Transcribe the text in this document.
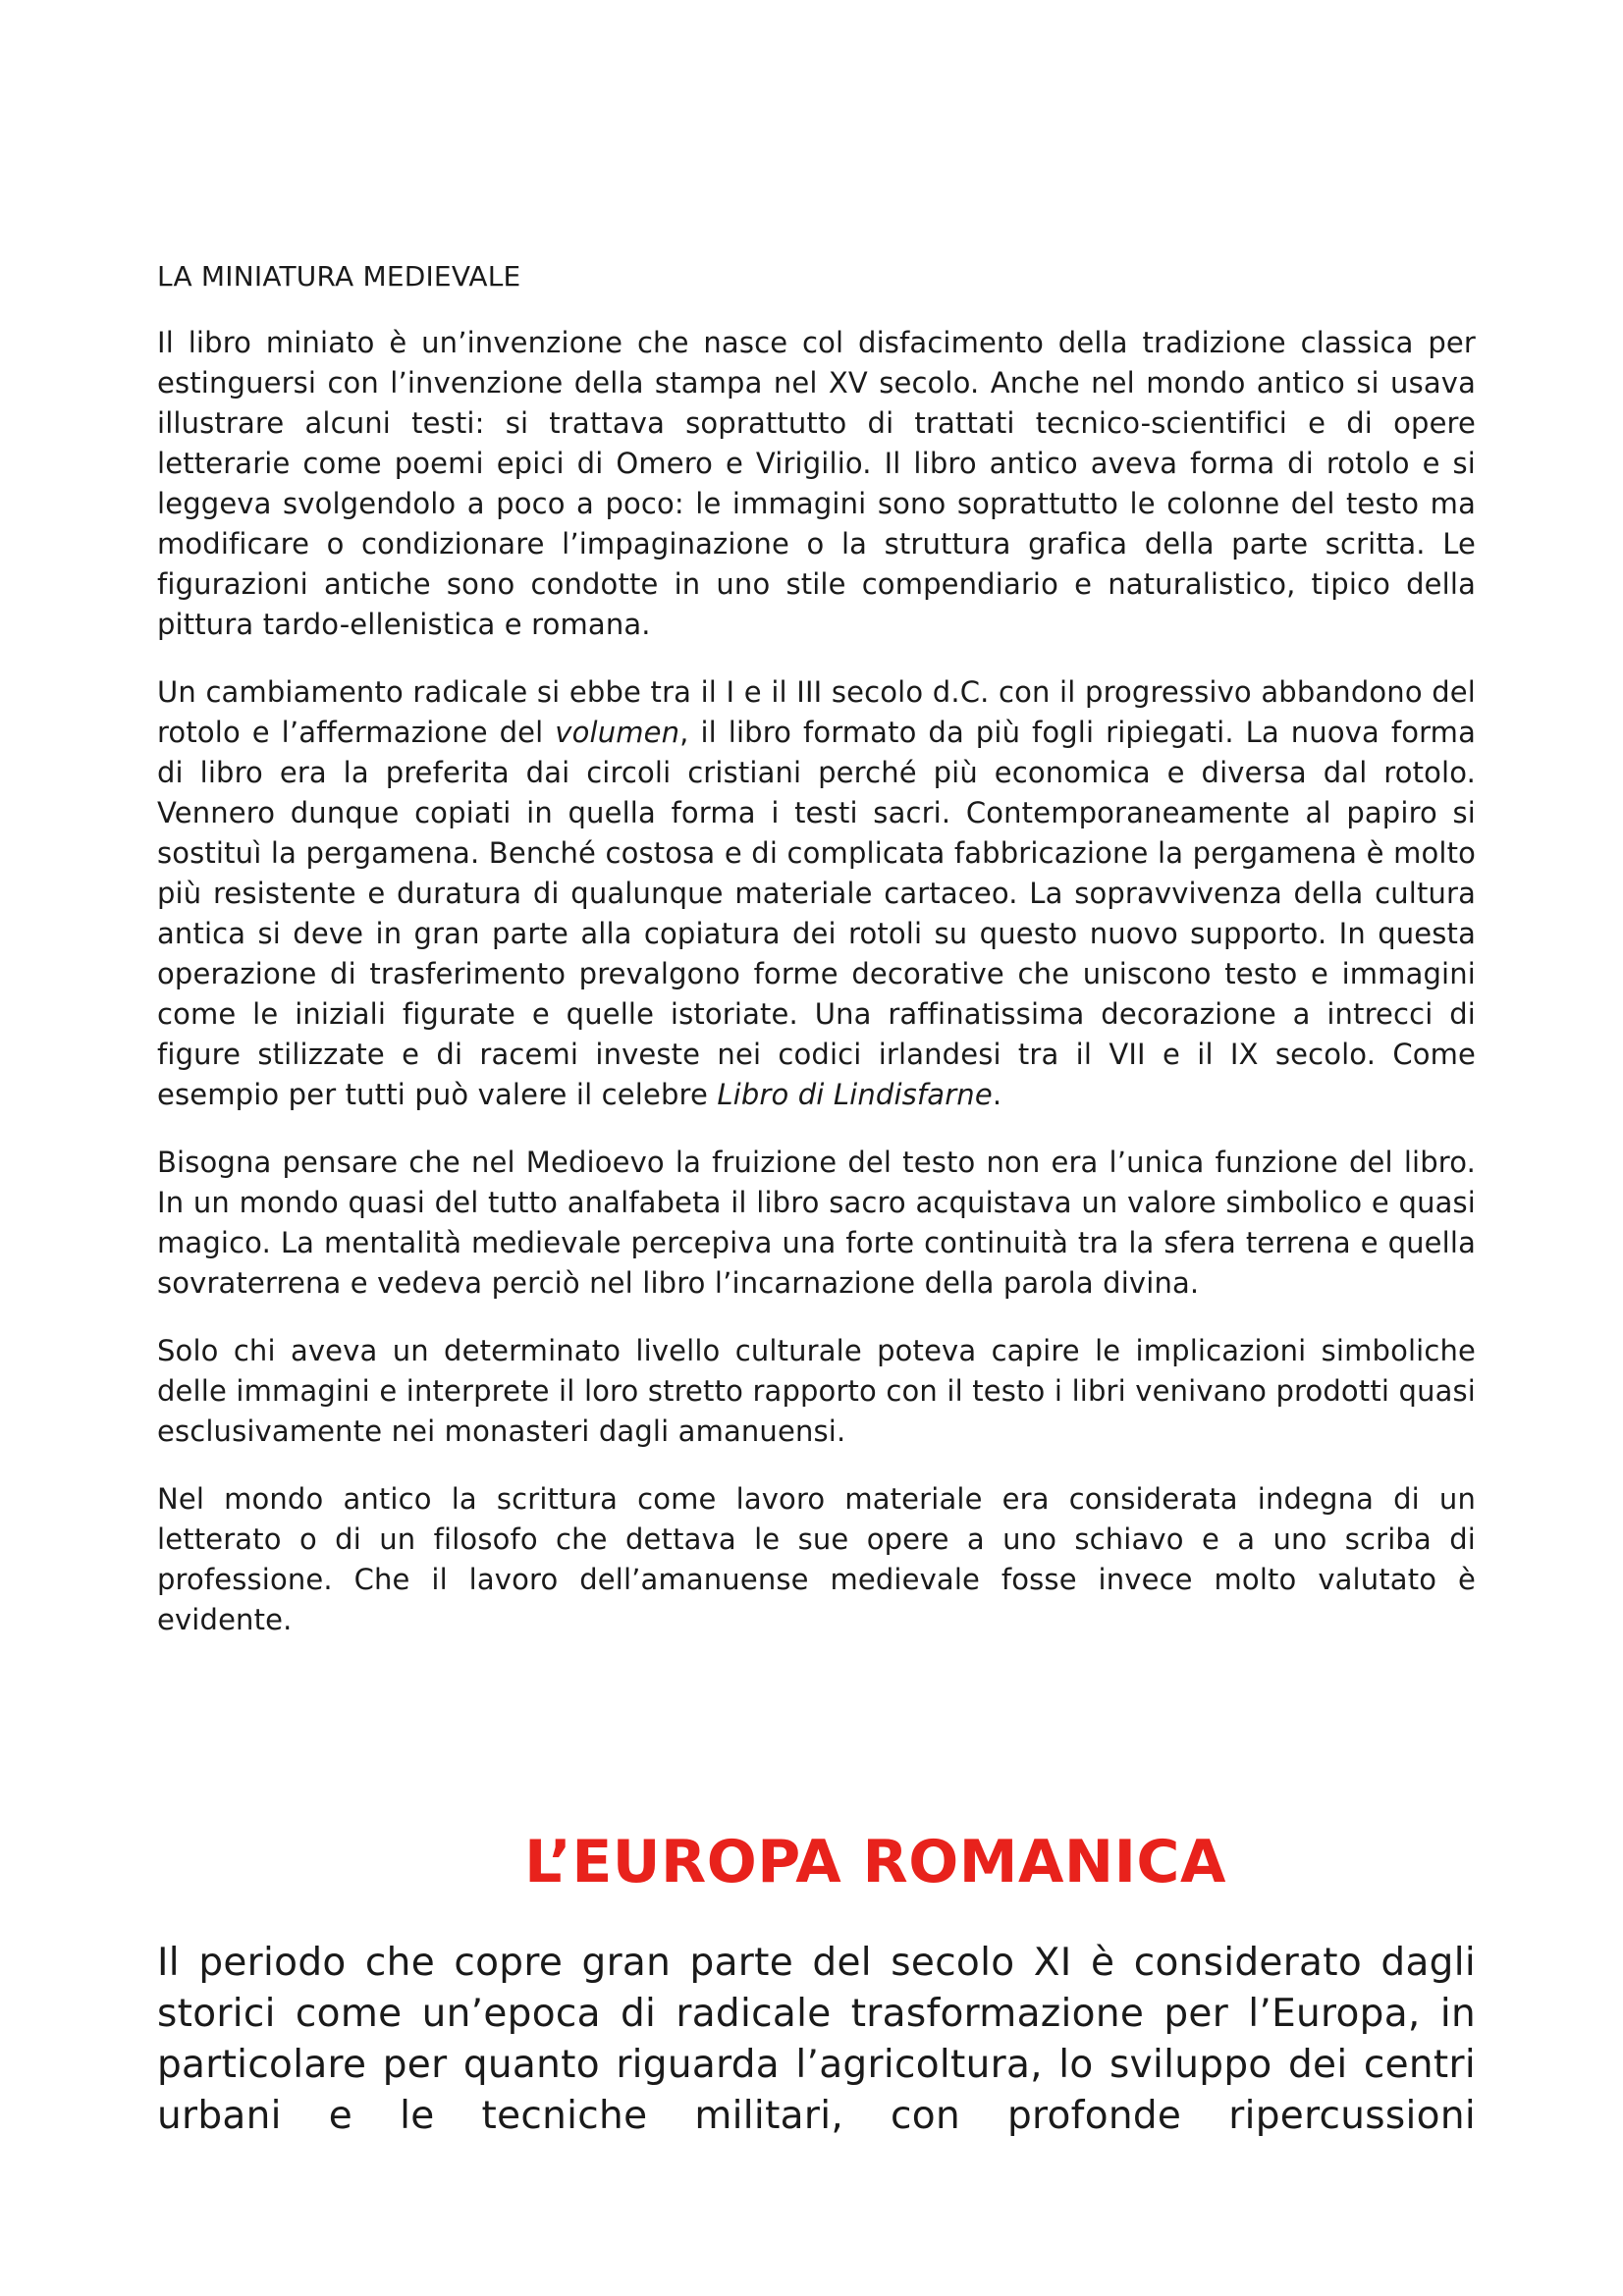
LA MINIATURA MEDIEVALE

Il libro miniato è un’invenzione che nasce col disfacimento della tradizione classica per estinguersi con l’invenzione della stampa nel XV secolo. Anche nel mondo antico si usava illustrare alcuni testi: si trattava soprattutto di trattati tecnico-scientifici e di opere letterarie come poemi epici di Omero e Virigilio. Il libro antico aveva forma di rotolo e si leggeva svolgendolo a poco a poco: le immagini sono soprattutto le colonne del testo ma modificare o condizionare l’impaginazione o la struttura grafica della parte scritta. Le figurazioni antiche sono condotte in uno stile compendiario e naturalistico, tipico della pittura tardo-ellenistica e romana.

Un cambiamento radicale si ebbe tra il I e il III secolo d.C. con il progressivo abbandono del rotolo e l’affermazione del volumen, il libro formato da più fogli ripiegati. La nuova forma di libro era la preferita dai circoli cristiani perché più economica e diversa dal rotolo. Vennero dunque copiati in quella forma i testi sacri. Contemporaneamente al papiro si sostituì la pergamena. Benché costosa e di complicata fabbricazione la pergamena è molto più resistente e duratura di qualunque materiale cartaceo. La sopravvivenza della cultura antica si deve in gran parte alla copiatura dei rotoli su questo nuovo supporto. In questa operazione di trasferimento prevalgono forme decorative che uniscono testo e immagini come le iniziali figurate e quelle istoriate. Una raffinatissima decorazione a intrecci di figure stilizzate e di racemi investe nei codici irlandesi tra il VII e il IX secolo. Come esempio per tutti può valere il celebre Libro di Lindisfarne.

Bisogna pensare che nel Medioevo la fruizione del testo non era l’unica funzione del libro. In un mondo quasi del tutto analfabeta il libro sacro acquistava un valore simbolico e quasi magico. La mentalità medievale percepiva una forte continuità tra la sfera terrena e quella sovraterrena e vedeva perciò nel libro l’incarnazione della parola divina.

Solo chi aveva un determinato livello culturale poteva capire le implicazioni simboliche delle immagini e interprete il loro stretto rapporto con il testo i libri venivano prodotti quasi esclusivamente nei monasteri dagli amanuensi.

Nel mondo antico la scrittura come lavoro materiale era considerata indegna di un letterato o di un filosofo che dettava le sue opere a uno schiavo e a uno scriba di professione. Che il lavoro dell’amanuense medievale fosse invece molto valutato è evidente.

L’EUROPA ROMANICA

Il periodo che copre gran parte del secolo XI è considerato dagli storici come un’epoca di radicale trasformazione per l’Europa, in particolare per quanto riguarda l’agricoltura, lo sviluppo dei centri urbani e le tecniche militari, con profonde ripercussioni
